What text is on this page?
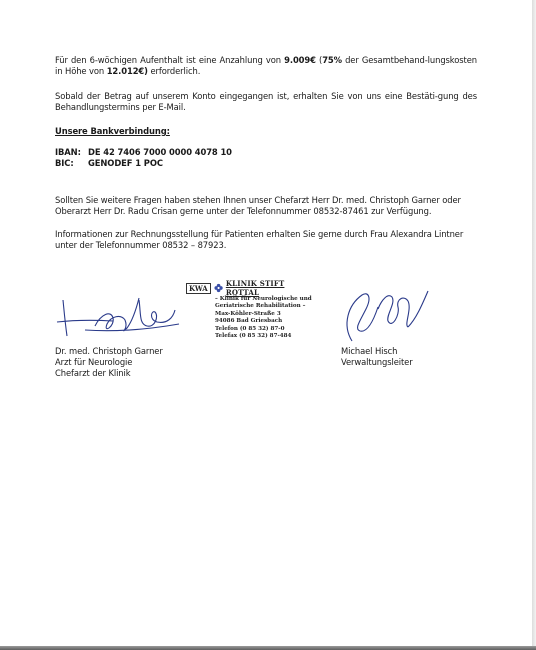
Für den 6-wöchigen Aufenthalt ist eine Anzahlung von 9.009€ (75% der Gesamtbehand-lungskosten in Höhe von 12.012€) erforderlich.
Sobald der Betrag auf unserem Konto eingegangen ist, erhalten Sie von uns eine Bestäti-gung des Behandlungstermins per E-Mail.
Unsere Bankverbindung:
IBAN: DE 42 7406 7000 0000 4078 10
BIC: GENODEF 1 POC
Sollten Sie weitere Fragen haben stehen Ihnen unser Chefarzt Herr Dr. med. Christoph Garner oder Oberarzt Herr Dr. Radu Crisan gerne unter der Telefonnummer 08532-87461 zur Verfügung.
Informationen zur Rechnungsstellung für Patienten erhalten Sie gerne durch Frau Alexandra Lintner unter der Telefonnummer 08532 – 87923.
KWA	KLINIK STIFT ROTTAL
– Klinik für Neurologische und
Geriatrische Rehabilitation –
Max-Köhler-Straße 3
94086 Bad Griesbach
Telefon (0 85 32) 87-0
Telefax (0 85 32) 87-484
Dr. med. Christoph Garner
Arzt für Neurologie
Chefarzt der Klinik
Michael Hisch
Verwaltungsleiter
